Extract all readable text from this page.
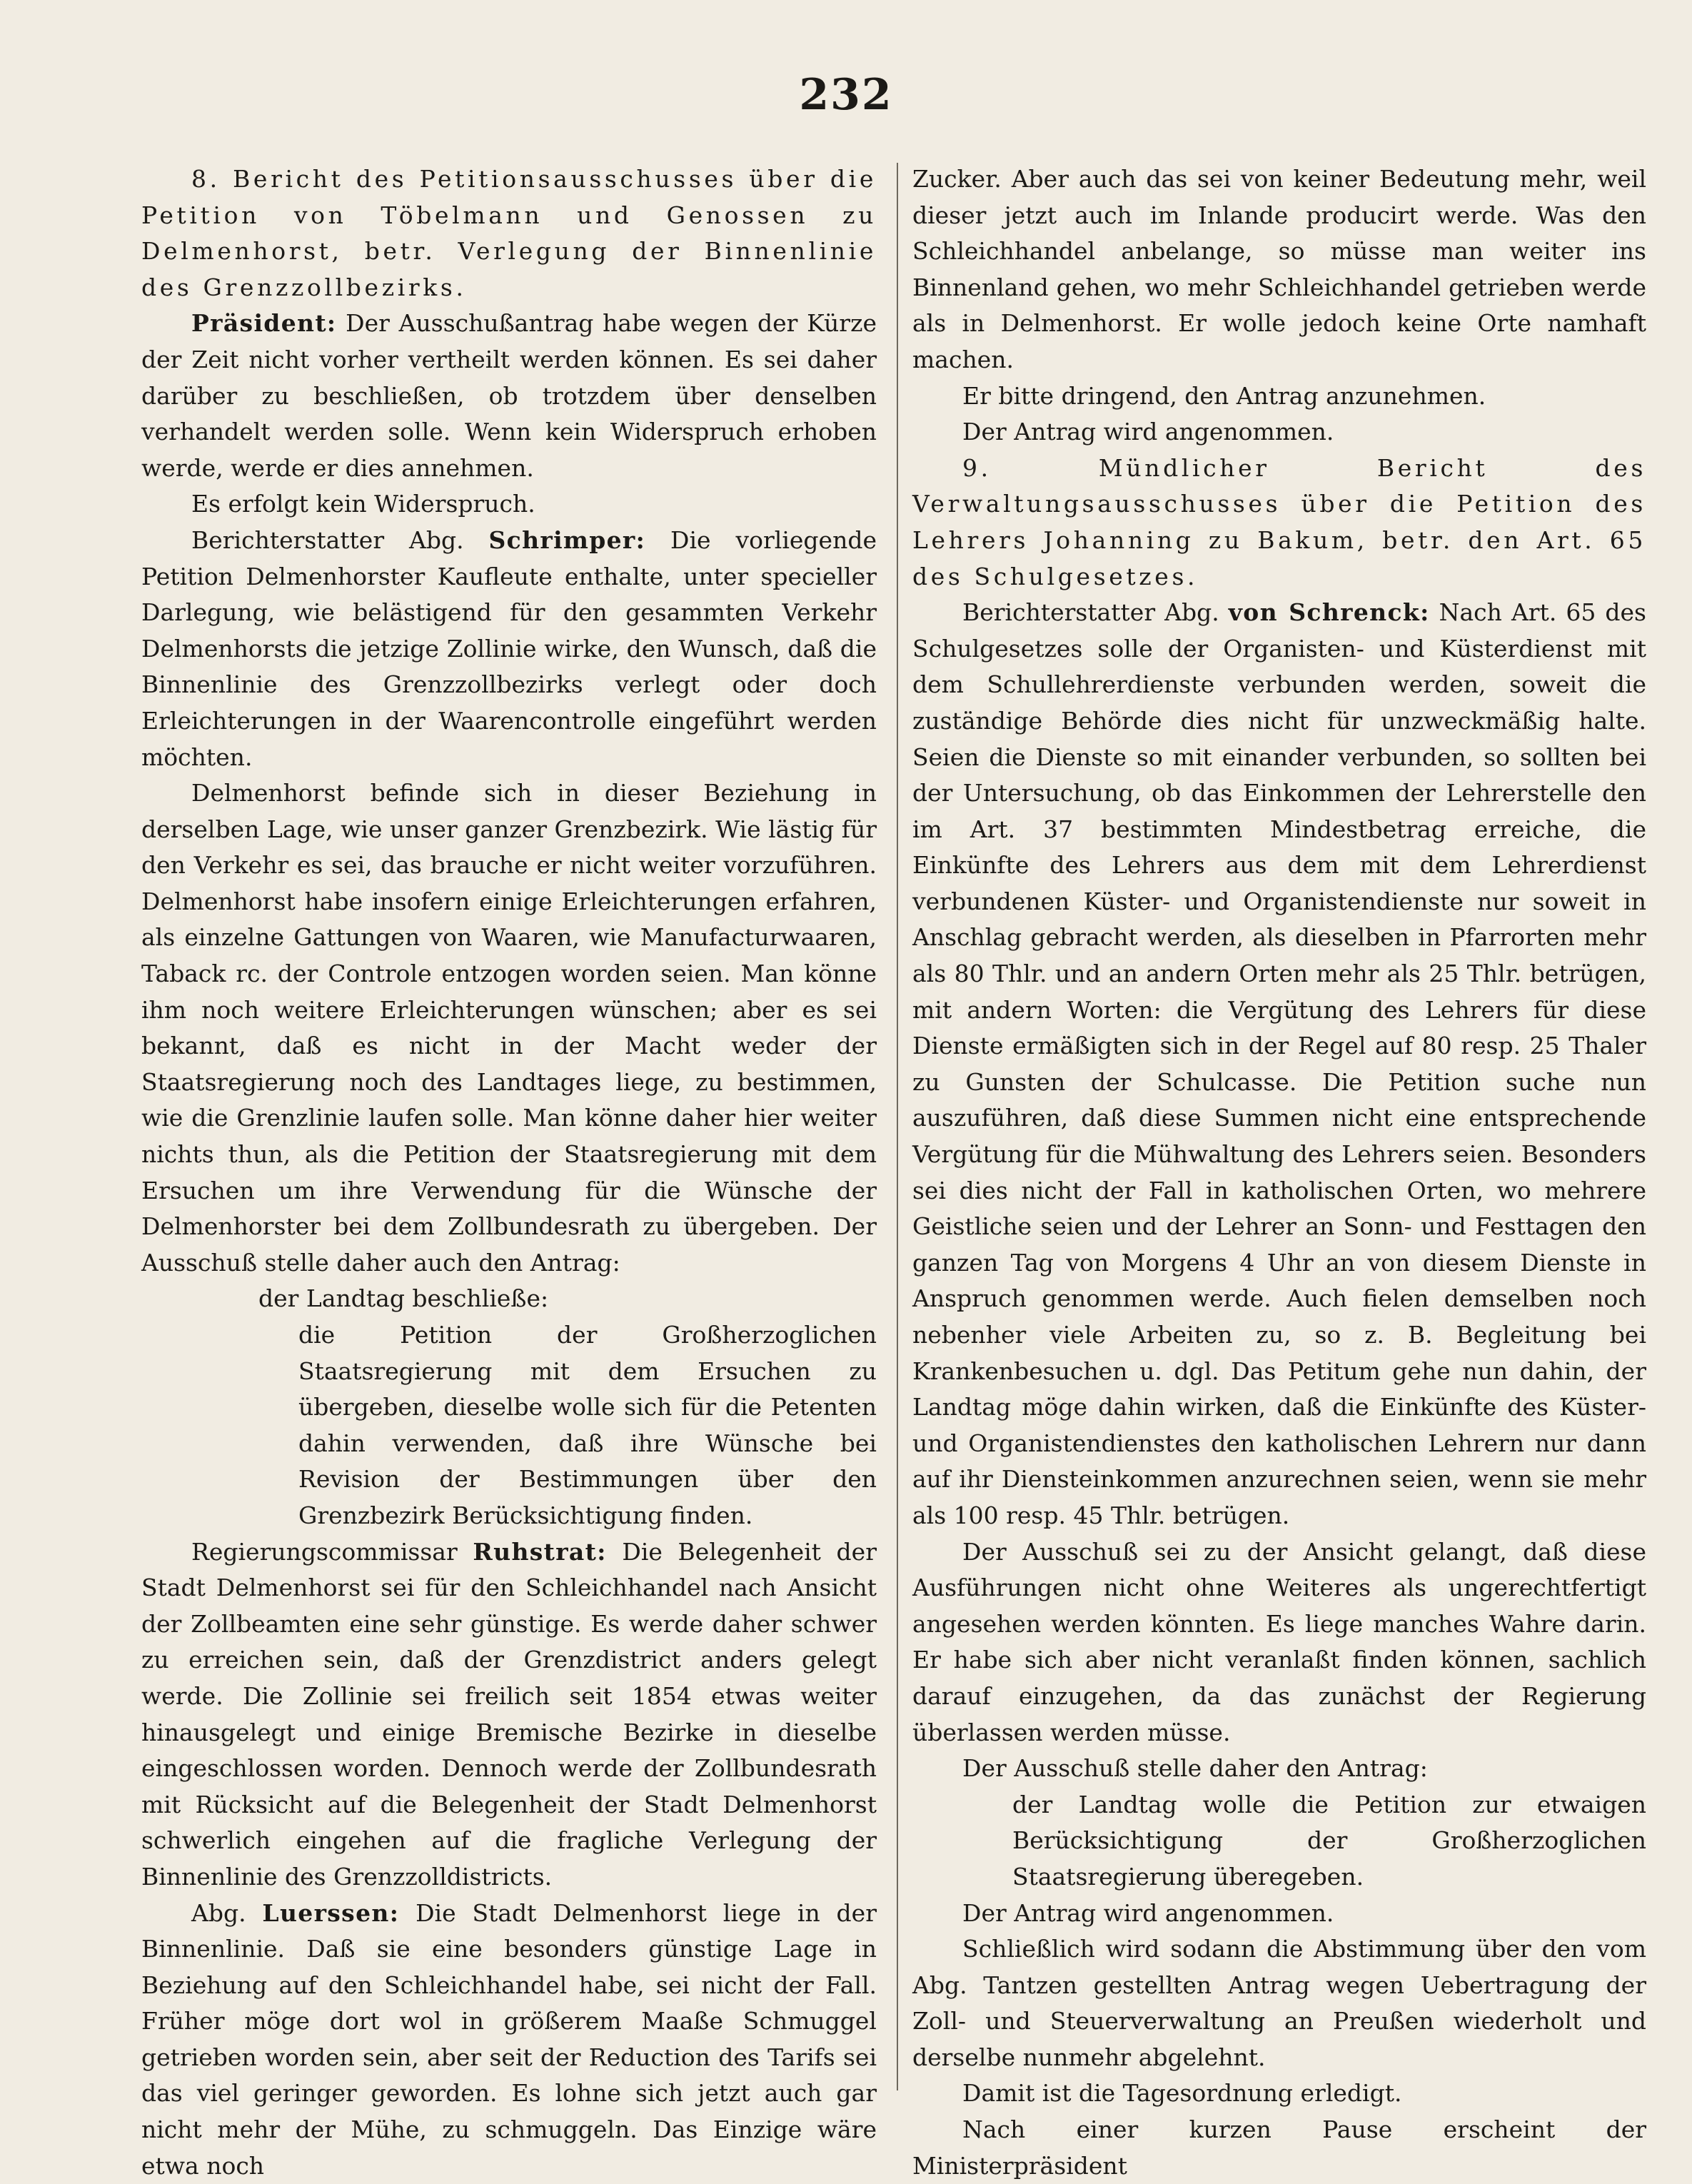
232

8. Bericht des Petitionsausschusses über die Petition von Töbelmann und Genossen zu Delmenhorst, betr. Verlegung der Binnenlinie des Grenzzollbezirks.

Präsident: Der Ausschußantrag habe wegen der Kürze der Zeit nicht vorher vertheilt werden können. Es sei daher darüber zu beschließen, ob trotzdem über denselben verhandelt werden solle. Wenn kein Widerspruch erhoben werde, werde er dies annehmen.

Es erfolgt kein Widerspruch.

Berichterstatter Abg. Schrimper: Die vorliegende Petition Delmenhorster Kaufleute enthalte, unter specieller Darlegung, wie belästigend für den gesammten Verkehr Delmenhorsts die jetzige Zollinie wirke, den Wunsch, daß die Binnenlinie des Grenzzollbezirks verlegt oder doch Erleichterungen in der Waarencontrolle eingeführt werden möchten.

Delmenhorst befinde sich in dieser Beziehung in derselben Lage, wie unser ganzer Grenzbezirk. Wie lästig für den Verkehr es sei, das brauche er nicht weiter vorzuführen. Delmenhorst habe insofern einige Erleichterungen erfahren, als einzelne Gattungen von Waaren, wie Manufacturwaaren, Taback rc. der Controle entzogen worden seien. Man könne ihm noch weitere Erleichterungen wünschen; aber es sei bekannt, daß es nicht in der Macht weder der Staatsregierung noch des Landtages liege, zu bestimmen, wie die Grenzlinie laufen solle. Man könne daher hier weiter nichts thun, als die Petition der Staatsregierung mit dem Ersuchen um ihre Verwendung für die Wünsche der Delmenhorster bei dem Zollbundesrath zu übergeben. Der Ausschuß stelle daher auch den Antrag:

der Landtag beschließe:

die Petition der Großherzoglichen Staatsregierung mit dem Ersuchen zu übergeben, dieselbe wolle sich für die Petenten dahin verwenden, daß ihre Wünsche bei Revision der Bestimmungen über den Grenzbezirk Berücksichtigung finden.

Regierungscommissar Ruhstrat: Die Belegenheit der Stadt Delmenhorst sei für den Schleichhandel nach Ansicht der Zollbeamten eine sehr günstige. Es werde daher schwer zu erreichen sein, daß der Grenzdistrict anders gelegt werde. Die Zollinie sei freilich seit 1854 etwas weiter hinausgelegt und einige Bremische Bezirke in dieselbe eingeschlossen worden. Dennoch werde der Zollbundesrath mit Rücksicht auf die Belegenheit der Stadt Delmenhorst schwerlich eingehen auf die fragliche Verlegung der Binnenlinie des Grenzzolldistricts.

Abg. Luerssen: Die Stadt Delmenhorst liege in der Binnenlinie. Daß sie eine besonders günstige Lage in Beziehung auf den Schleichhandel habe, sei nicht der Fall. Früher möge dort wol in größerem Maaße Schmuggel getrieben worden sein, aber seit der Reduction des Tarifs sei das viel geringer geworden. Es lohne sich jetzt auch gar nicht mehr der Mühe, zu schmuggeln. Das Einzige wäre etwa noch

Zucker. Aber auch das sei von keiner Bedeutung mehr, weil dieser jetzt auch im Inlande producirt werde. Was den Schleichhandel anbelange, so müsse man weiter ins Binnenland gehen, wo mehr Schleichhandel getrieben werde als in Delmenhorst. Er wolle jedoch keine Orte namhaft machen.

Er bitte dringend, den Antrag anzunehmen.

Der Antrag wird angenommen.

9. Mündlicher Bericht des Verwaltungsausschusses über die Petition des Lehrers Johanning zu Bakum, betr. den Art. 65 des Schulgesetzes.

Berichterstatter Abg. von Schrenck: Nach Art. 65 des Schulgesetzes solle der Organisten- und Küsterdienst mit dem Schullehrerdienste verbunden werden, soweit die zuständige Behörde dies nicht für unzweckmäßig halte. Seien die Dienste so mit einander verbunden, so sollten bei der Untersuchung, ob das Einkommen der Lehrerstelle den im Art. 37 bestimmten Mindestbetrag erreiche, die Einkünfte des Lehrers aus dem mit dem Lehrerdienst verbundenen Küster- und Organistendienste nur soweit in Anschlag gebracht werden, als dieselben in Pfarrorten mehr als 80 Thlr. und an andern Orten mehr als 25 Thlr. betrügen, mit andern Worten: die Vergütung des Lehrers für diese Dienste ermäßigten sich in der Regel auf 80 resp. 25 Thaler zu Gunsten der Schulcasse. Die Petition suche nun auszuführen, daß diese Summen nicht eine entsprechende Vergütung für die Mühwaltung des Lehrers seien. Besonders sei dies nicht der Fall in katholischen Orten, wo mehrere Geistliche seien und der Lehrer an Sonn- und Festtagen den ganzen Tag von Morgens 4 Uhr an von diesem Dienste in Anspruch genommen werde. Auch fielen demselben noch nebenher viele Arbeiten zu, so z. B. Begleitung bei Krankenbesuchen u. dgl. Das Petitum gehe nun dahin, der Landtag möge dahin wirken, daß die Einkünfte des Küster- und Organistendienstes den katholischen Lehrern nur dann auf ihr Diensteinkommen anzurechnen seien, wenn sie mehr als 100 resp. 45 Thlr. betrügen.

Der Ausschuß sei zu der Ansicht gelangt, daß diese Ausführungen nicht ohne Weiteres als ungerechtfertigt angesehen werden könnten. Es liege manches Wahre darin. Er habe sich aber nicht veranlaßt finden können, sachlich darauf einzugehen, da das zunächst der Regierung überlassen werden müsse.

Der Ausschuß stelle daher den Antrag:

der Landtag wolle die Petition zur etwaigen Berücksichtigung der Großherzoglichen Staatsregierung überegeben.

Der Antrag wird angenommen.

Schließlich wird sodann die Abstimmung über den vom Abg. Tantzen gestellten Antrag wegen Uebertragung der Zoll- und Steuerverwaltung an Preußen wiederholt und derselbe nunmehr abgelehnt.

Damit ist die Tagesordnung erledigt.

Nach einer kurzen Pause erscheint der Ministerpräsident
